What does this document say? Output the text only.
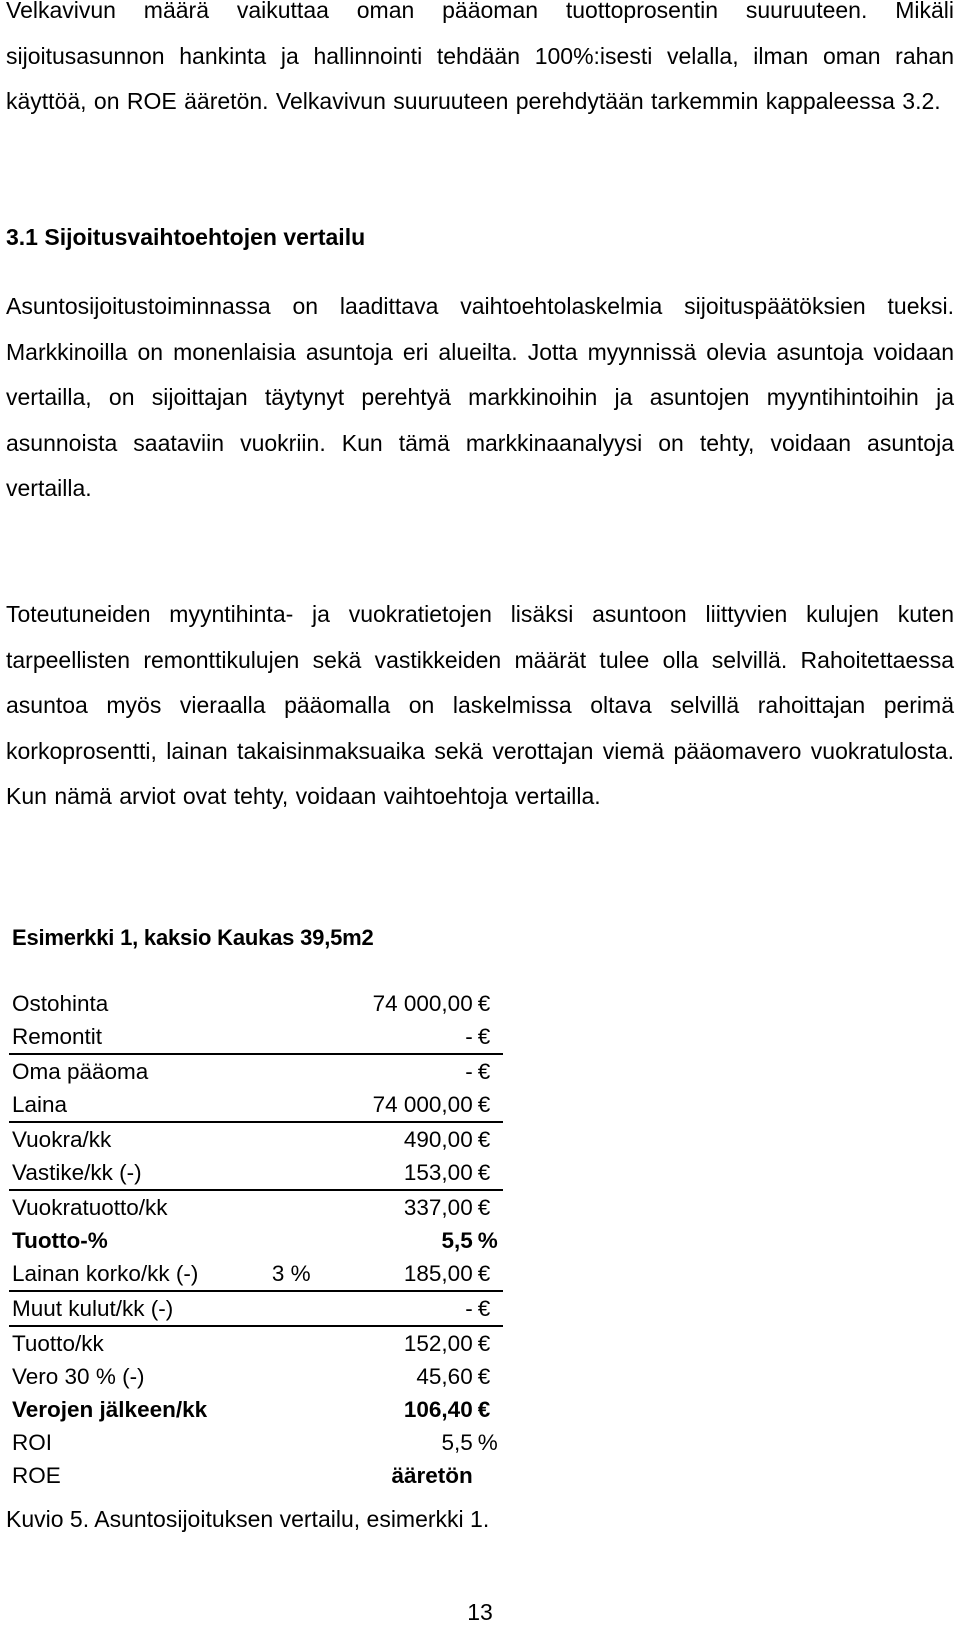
Velkavivun määrä vaikuttaa oman pääoman tuottoprosentin suuruuteen. Mikäli sijoitusasunnon hankinta ja hallinnointi tehdään 100%:isesti velalla, ilman oman rahan käyttöä, on ROE ääretön. Velkavivun suuruuteen perehdytään tarkemmin kappaleessa 3.2.

3.1 Sijoitusvaihtoehtojen vertailu

Asuntosijoitustoiminnassa on laadittava vaihtoehtolaskelmia sijoituspäätöksien tueksi. Markkinoilla on monenlaisia asuntoja eri alueilta. Jotta myynnissä olevia asuntoja voidaan vertailla, on sijoittajan täytynyt perehtyä markkinoihin ja asuntojen myyntihintoihin ja asunnoista saataviin vuokriin. Kun tämä markkinaanalyysi on tehty, voidaan asuntoja vertailla.

Toteutuneiden myyntihinta- ja vuokratietojen lisäksi asuntoon liittyvien kulujen kuten tarpeellisten remonttikulujen sekä vastikkeiden määrät tulee olla selvillä. Rahoitettaessa asuntoa myös vieraalla pääomalla on laskelmissa oltava selvillä rahoittajan perimä korkoprosentti, lainan takaisinmaksuaika sekä verottajan viemä pääomavero vuokratulosta. Kun nämä arviot ovat tehty, voidaan vaihtoehtoja vertailla.

Esimerkki 1, kaksio Kaukas 39,5m2
Ostohinta		74 000,00	€
Remontit		-	€
Oma pääoma		-	€
Laina		74 000,00	€
Vuokra/kk		490,00	€
Vastike/kk (-)		153,00	€
Vuokratuotto/kk		337,00	€
Tuotto-%		5,5	%
Lainan korko/kk (-)	3 %	185,00	€
Muut kulut/kk (-)		-	€
Tuotto/kk		152,00	€
Vero 30 % (-)		45,60	€
Verojen jälkeen/kk		106,40	€
ROI		5,5	%
ROE		ääretön	

Kuvio 5. Asuntosijoituksen vertailu, esimerkki 1.

13
